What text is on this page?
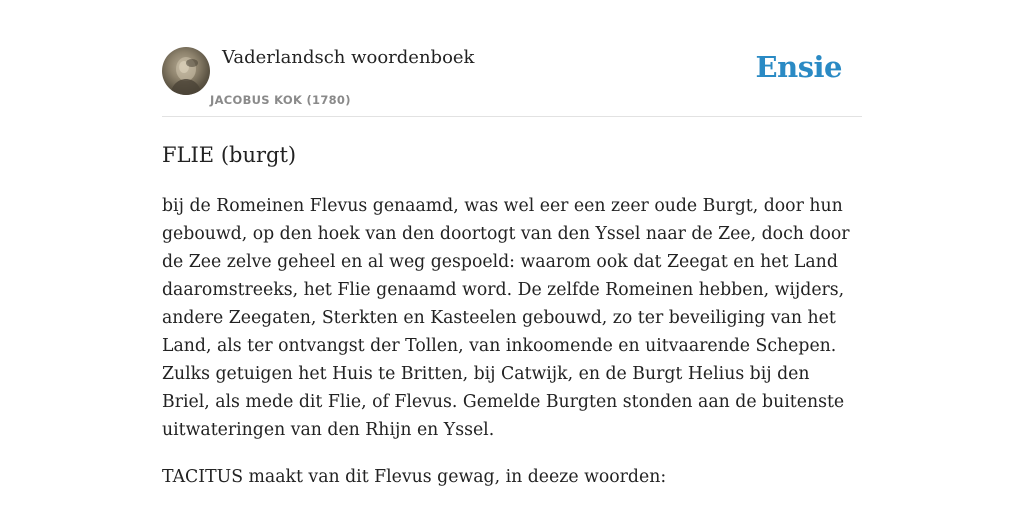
Vaderlandsch woordenboek
JACOBUS KOK (1780)
Ensie
FLIE (burgt)

bij de Romeinen Flevus genaamd, was wel eer een zeer oude Burgt, door hun gebouwd, op den hoek van den doortogt van den Yssel naar de Zee, doch door de Zee zelve geheel en al weg gespoeld: waarom ook dat Zeegat en het Land daaromstreeks, het Flie genaamd word. De zelfde Romeinen hebben, wijders, andere Zeegaten, Sterkten en Kasteelen gebouwd, zo ter beveiliging van het Land, als ter ontvangst der Tollen, van inkoomende en uitvaarende Schepen. Zulks getuigen het Huis te Britten, bij Catwijk, en de Burgt Helius bij den Briel, als mede dit Flie, of Flevus. Gemelde Burgten stonden aan de buitenste uitwateringen van den Rhijn en Yssel.

TACITUS maakt van dit Flevus gewag, in deeze woorden:
